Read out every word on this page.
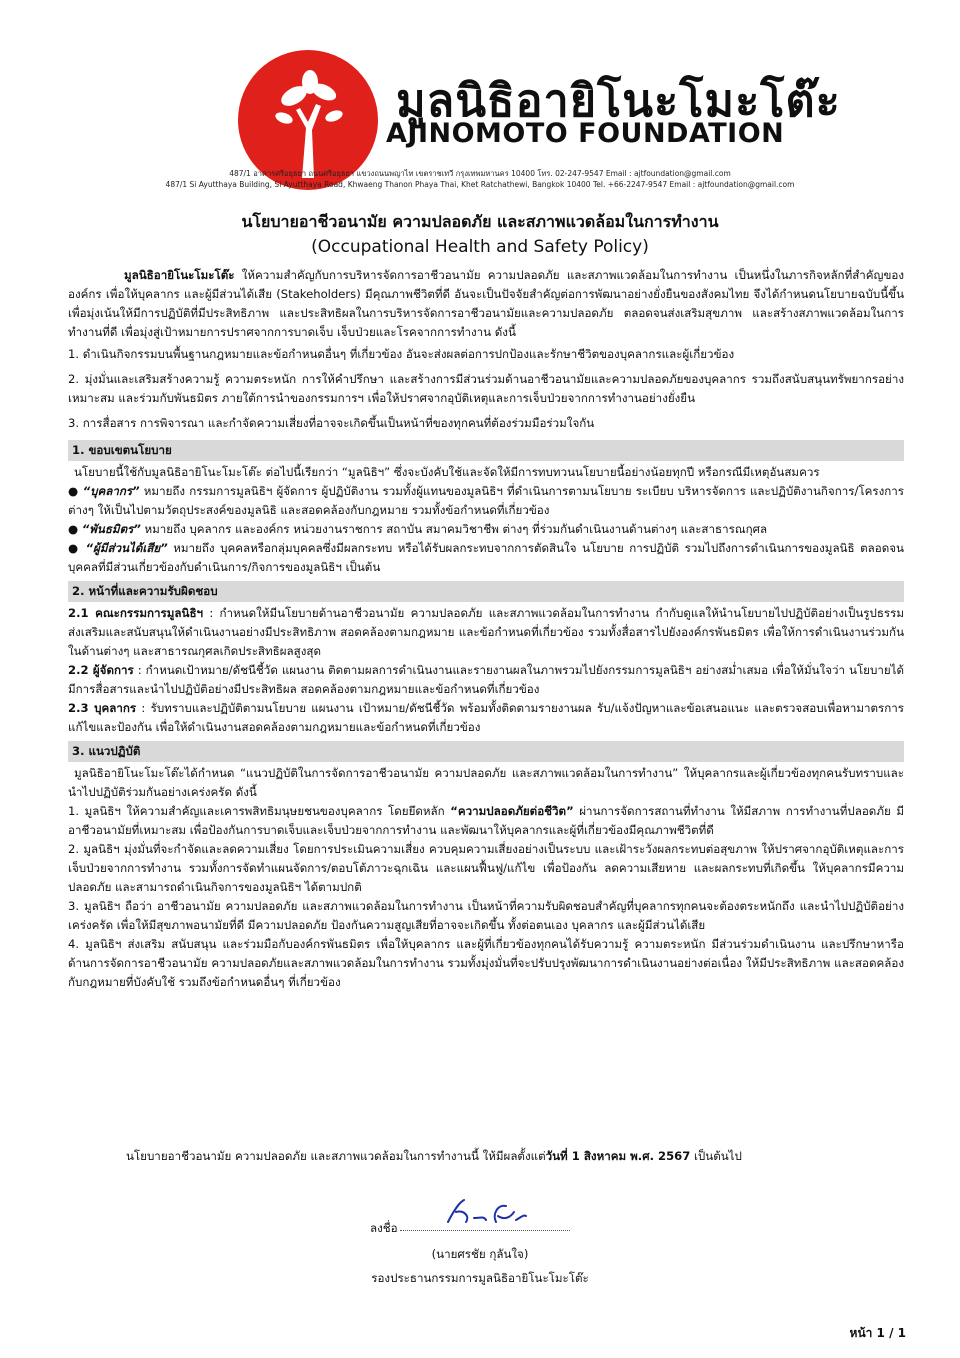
มูลนิธิอายิโนะโมะโต๊ะ
AJINOMOTO FOUNDATION
487/1 อาคารศรีอยุธยา ถนนศรีอยุธยา แขวงถนนพญาไท เขตราชเทวี กรุงเทพมหานคร 10400 โทร. 02-247-9547 Email : ajtfoundation@gmail.com
487/1 Si Ayutthaya Building, Si Ayutthaya Road, Khwaeng Thanon Phaya Thai, Khet Ratchathewi, Bangkok 10400 Tel. +66-2247-9547 Email : ajtfoundation@gmail.com
นโยบายอาชีวอนามัย ความปลอดภัย และสภาพแวดล้อมในการทำงาน
(Occupational Health and Safety Policy)

มูลนิธิอายิโนะโมะโต๊ะ ให้ความสำคัญกับการบริหารจัดการอาชีวอนามัย ความปลอดภัย และสภาพแวดล้อมในการทำงาน เป็นหนึ่งในภารกิจหลักที่สำคัญขององค์กร เพื่อให้บุคลากร และผู้มีส่วนได้เสีย (Stakeholders) มีคุณภาพชีวิตที่ดี อันจะเป็นปัจจัยสำคัญต่อการพัฒนาอย่างยั่งยืนของสังคมไทย จึงได้กำหนดนโยบายฉบับนี้ขึ้นเพื่อมุ่งเน้นให้มีการปฏิบัติที่มีประสิทธิภาพ และประสิทธิผลในการบริหารจัดการอาชีวอนามัยและความปลอดภัย ตลอดจนส่งเสริมสุขภาพ และสร้างสภาพแวดล้อมในการทำงานที่ดี เพื่อมุ่งสู่เป้าหมายการปราศจากการบาดเจ็บ เจ็บป่วยและโรคจากการทำงาน ดังนี้

1. ดำเนินกิจกรรมบนพื้นฐานกฎหมายและข้อกำหนดอื่นๆ ที่เกี่ยวข้อง อันจะส่งผลต่อการปกป้องและรักษาชีวิตของบุคลากรและผู้เกี่ยวข้อง

2. มุ่งมั่นและเสริมสร้างความรู้ ความตระหนัก การให้คำปรึกษา และสร้างการมีส่วนร่วมด้านอาชีวอนามัยและความปลอดภัยของบุคลากร รวมถึงสนับสนุนทรัพยากรอย่างเหมาะสม และร่วมกับพันธมิตร ภายใต้การนำของกรรมการฯ เพื่อให้ปราศจากอุบัติเหตุและการเจ็บป่วยจากการทำงานอย่างยั่งยืน

3. การสื่อสาร การพิจารณา และกำจัดความเสี่ยงที่อาจจะเกิดขึ้นเป็นหน้าที่ของทุกคนที่ต้องร่วมมือร่วมใจกัน

1. ขอบเขตนโยบาย

นโยบายนี้ใช้กับมูลนิธิอายิโนะโมะโต๊ะ ต่อไปนี้เรียกว่า “มูลนิธิฯ” ซึ่งจะบังคับใช้และจัดให้มีการทบทวนนโยบายนี้อย่างน้อยทุกปี หรือกรณีมีเหตุอันสมควร

● “บุคลากร” หมายถึง กรรมการมูลนิธิฯ ผู้จัดการ ผู้ปฏิบัติงาน รวมทั้งผู้แทนของมูลนิธิฯ ที่ดำเนินการตามนโยบาย ระเบียบ บริหารจัดการ และปฏิบัติงานกิจการ/โครงการต่างๆ ให้เป็นไปตามวัตถุประสงค์ของมูลนิธิ และสอดคล้องกับกฎหมาย รวมทั้งข้อกำหนดที่เกี่ยวข้อง

● “พันธมิตร” หมายถึง บุคลากร และองค์กร หน่วยงานราชการ สถาบัน สมาคมวิชาชีพ ต่างๆ ที่ร่วมกันดำเนินงานด้านต่างๆ และสาธารณกุศล

● “ผู้มีส่วนได้เสีย” หมายถึง บุคคลหรือกลุ่มบุคคลซึ่งมีผลกระทบ หรือได้รับผลกระทบจากการตัดสินใจ นโยบาย การปฏิบัติ รวมไปถึงการดำเนินการของมูลนิธิ ตลอดจนบุคคลที่มีส่วนเกี่ยวข้องกับดำเนินการ/กิจการของมูลนิธิฯ เป็นต้น

2. หน้าที่และความรับผิดชอบ

2.1 คณะกรรมการมูลนิธิฯ : กำหนดให้มีนโยบายด้านอาชีวอนามัย ความปลอดภัย และสภาพแวดล้อมในการทำงาน กำกับดูแลให้นำนโยบายไปปฏิบัติอย่างเป็นรูปธรรม ส่งเสริมและสนับสนุนให้ดำเนินงานอย่างมีประสิทธิภาพ สอดคล้องตามกฎหมาย และข้อกำหนดที่เกี่ยวข้อง รวมทั้งสื่อสารไปยังองค์กรพันธมิตร เพื่อให้การดำเนินงานร่วมกันในด้านต่างๆ และสาธารณกุศลเกิดประสิทธิผลสูงสุด

2.2 ผู้จัดการ : กำหนดเป้าหมาย/ดัชนีชี้วัด แผนงาน ติดตามผลการดำเนินงานและรายงานผลในภาพรวมไปยังกรรมการมูลนิธิฯ อย่างสม่ำเสมอ เพื่อให้มั่นใจว่า นโยบายได้มีการสื่อสารและนำไปปฏิบัติอย่างมีประสิทธิผล สอดคล้องตามกฎหมายและข้อกำหนดที่เกี่ยวข้อง

2.3 บุคลากร : รับทราบและปฏิบัติตามนโยบาย แผนงาน เป้าหมาย/ดัชนีชี้วัด พร้อมทั้งติดตามรายงานผล รับ/แจ้งปัญหาและข้อเสนอแนะ และตรวจสอบเพื่อหามาตรการแก้ไขและป้องกัน เพื่อให้ดำเนินงานสอดคล้องตามกฎหมายและข้อกำหนดที่เกี่ยวข้อง

3. แนวปฏิบัติ

มูลนิธิอายิโนะโมะโต๊ะได้กำหนด “แนวปฏิบัติในการจัดการอาชีวอนามัย ความปลอดภัย และสภาพแวดล้อมในการทำงาน” ให้บุคลากรและผู้เกี่ยวข้องทุกคนรับทราบและนำไปปฏิบัติร่วมกันอย่างเคร่งครัด ดังนี้

1. มูลนิธิฯ ให้ความสำคัญและเคารพสิทธิมนุษยชนของบุคลากร โดยยึดหลัก “ความปลอดภัยต่อชีวิต” ผ่านการจัดการสถานที่ทำงาน ให้มีสภาพ การทำงานที่ปลอดภัย มีอาชีวอนามัยที่เหมาะสม เพื่อป้องกันการบาดเจ็บและเจ็บป่วยจากการทำงาน และพัฒนาให้บุคลากรและผู้ที่เกี่ยวข้องมีคุณภาพชีวิตที่ดี

2. มูลนิธิฯ มุ่งมั่นที่จะกำจัดและลดความเสี่ยง โดยการประเมินความเสี่ยง ควบคุมความเสี่ยงอย่างเป็นระบบ และเฝ้าระวังผลกระทบต่อสุขภาพ ให้ปราศจากอุบัติเหตุและการเจ็บป่วยจากการทำงาน รวมทั้งการจัดทำแผนจัดการ/ตอบโต้ภาวะฉุกเฉิน และแผนฟื้นฟู/แก้ไข เพื่อป้องกัน ลดความเสียหาย และผลกระทบที่เกิดขึ้น ให้บุคลากรมีความปลอดภัย และสามารถดำเนินกิจการของมูลนิธิฯ ได้ตามปกติ

3. มูลนิธิฯ ถือว่า อาชีวอนามัย ความปลอดภัย และสภาพแวดล้อมในการทำงาน เป็นหน้าที่ความรับผิดชอบสำคัญที่บุคลากรทุกคนจะต้องตระหนักถึง และนำไปปฏิบัติอย่างเคร่งครัด เพื่อให้มีสุขภาพอนามัยที่ดี มีความปลอดภัย ป้องกันความสูญเสียที่อาจจะเกิดขึ้น ทั้งต่อตนเอง บุคลากร และผู้มีส่วนได้เสีย

4. มูลนิธิฯ ส่งเสริม สนับสนุน และร่วมมือกับองค์กรพันธมิตร เพื่อให้บุคลากร และผู้ที่เกี่ยวข้องทุกคนได้รับความรู้ ความตระหนัก มีส่วนร่วมดำเนินงาน และปรึกษาหารือด้านการจัดการอาชีวอนามัย ความปลอดภัยและสภาพแวดล้อมในการทำงาน รวมทั้งมุ่งมั่นที่จะปรับปรุงพัฒนาการดำเนินงานอย่างต่อเนื่อง ให้มีประสิทธิภาพ และสอดคล้องกับกฎหมายที่บังคับใช้ รวมถึงข้อกำหนดอื่นๆ ที่เกี่ยวข้อง

นโยบายอาชีวอนามัย ความปลอดภัย และสภาพแวดล้อมในการทำงานนี้ ให้มีผลตั้งแต่วันที่ 1 สิงหาคม พ.ศ. 2567 เป็นต้นไป
ลงชื่อ
(นายศรชัย กุลันใจ)
รองประธานกรรมการมูลนิธิอายิโนะโมะโต๊ะ
หน้า 1 / 1
